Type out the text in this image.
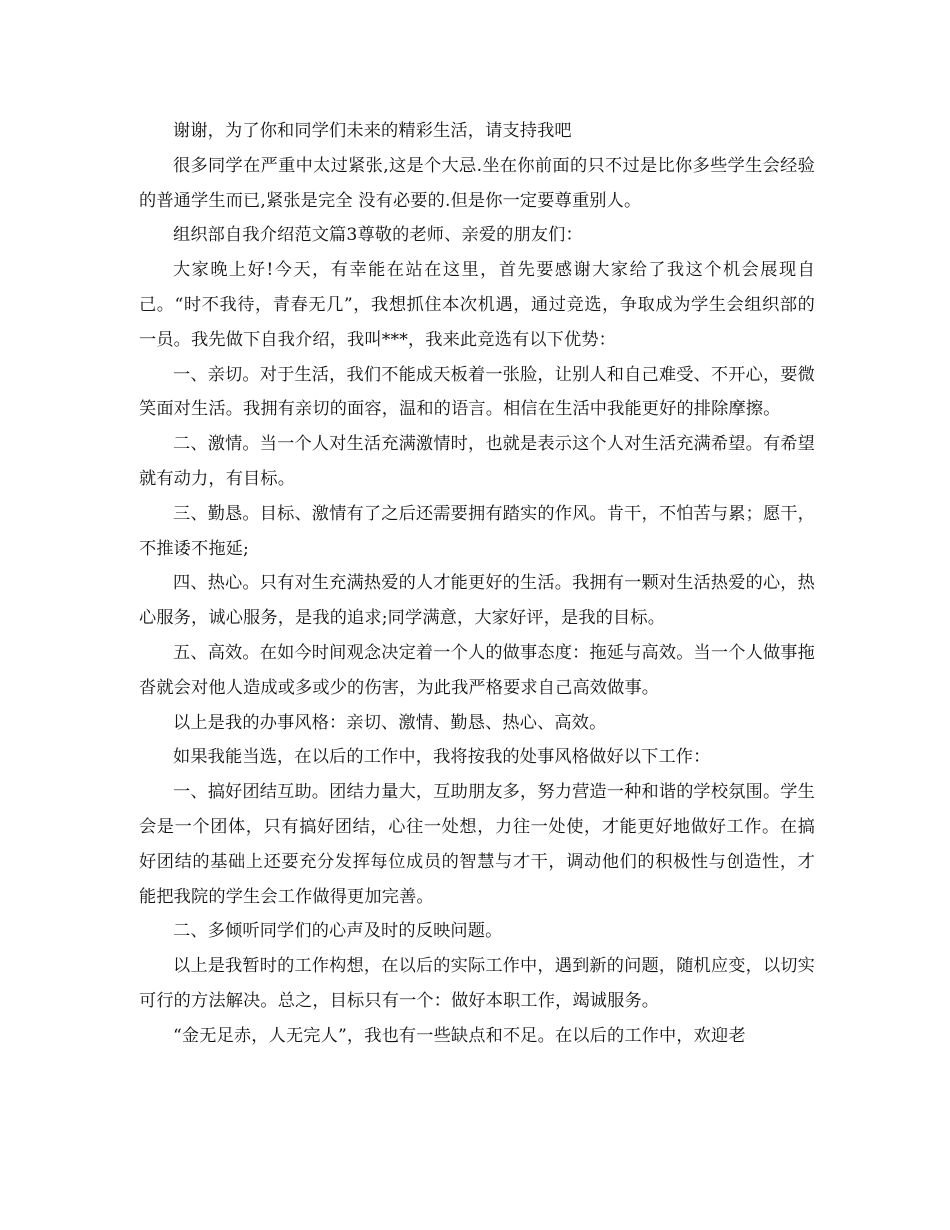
谢谢，为了你和同学们未来的精彩生活，请支持我吧

很多同学在严重中太过紧张,这是个大忌.坐在你前面的只不过是比你多些学生会经验的普通学生而已,紧张是完全 没有必要的.但是你一定要尊重别人。

组织部自我介绍范文篇3尊敬的老师、亲爱的朋友们：

大家晚上好!今天，有幸能在站在这里，首先要感谢大家给了我这个机会展现自己。“时不我待，青春无几”，我想抓住本次机遇，通过竞选，争取成为学生会组织部的一员。我先做下自我介绍，我叫***，我来此竞选有以下优势：

一、亲切。对于生活，我们不能成天板着一张脸，让别人和自己难受、不开心，要微笑面对生活。我拥有亲切的面容，温和的语言。相信在生活中我能更好的排除摩擦。

二、激情。当一个人对生活充满激情时，也就是表示这个人对生活充满希望。有希望就有动力，有目标。

三、勤恳。目标、激情有了之后还需要拥有踏实的作风。肯干，不怕苦与累；愿干，不推诿不拖延;

四、热心。只有对生充满热爱的人才能更好的生活。我拥有一颗对生活热爱的心，热心服务，诚心服务，是我的追求;同学满意，大家好评，是我的目标。

五、高效。在如今时间观念决定着一个人的做事态度：拖延与高效。当一个人做事拖沓就会对他人造成或多或少的伤害，为此我严格要求自己高效做事。

以上是我的办事风格：亲切、激情、勤恳、热心、高效。

如果我能当选，在以后的工作中，我将按我的处事风格做好以下工作：

一、搞好团结互助。团结力量大，互助朋友多，努力营造一种和谐的学校氛围。学生会是一个团体，只有搞好团结，心往一处想，力往一处使，才能更好地做好工作。在搞好团结的基础上还要充分发挥每位成员的智慧与才干，调动他们的积极性与创造性，才能把我院的学生会工作做得更加完善。

二、多倾听同学们的心声及时的反映问题。

以上是我暂时的工作构想，在以后的实际工作中，遇到新的问题，随机应变，以切实可行的方法解决。总之，目标只有一个：做好本职工作，竭诚服务。

“金无足赤，人无完人”，我也有一些缺点和不足。在以后的工作中，欢迎老
